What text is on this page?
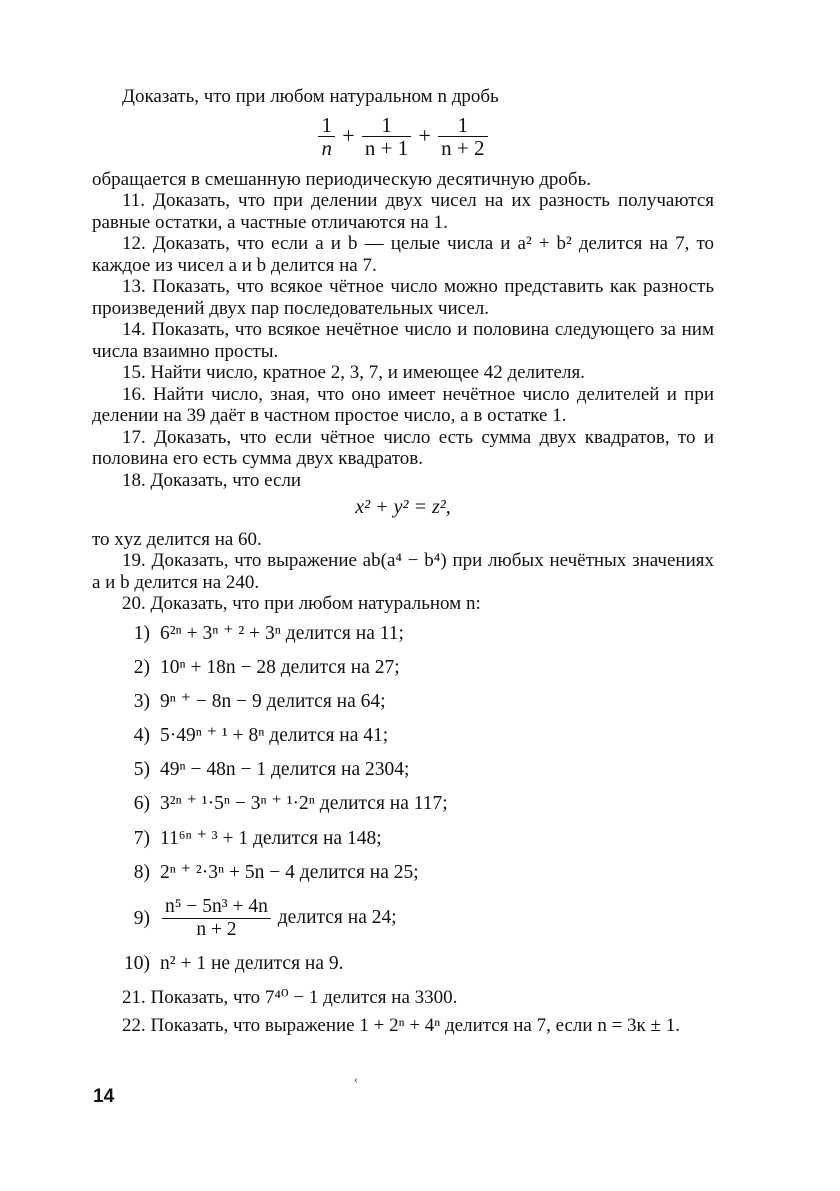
Доказать, что при любом натуральном n дробь

$\frac{1}{n} + \frac{1}{n + 1} + \frac{1}{n + 2}$

обращается в смешанную периодическую десятичную дробь.

11. Доказать, что при делении двух чисел на их разность получаются равные остатки, а частные отличаются на 1.

12. Доказать, что если a и b — целые числа и a² + b² делится на 7, то каждое из чисел a и b делится на 7.

13. Показать, что всякое чётное число можно представить как разность произведений двух пар последовательных чисел.

14. Показать, что всякое нечётное число и половина следующего за ним числа взаимно просты.

15. Найти число, кратное 2, 3, 7, и имеющее 42 делителя.

16. Найти число, зная, что оно имеет нечётное число делителей и при делении на 39 даёт в частном простое число, а в остатке 1.

17. Доказать, что если чётное число есть сумма двух квадратов, то и половина его есть сумма двух квадратов.

18. Доказать, что если

x² + y² = z²,

то xyz делится на 60.

19. Доказать, что выражение ab(a⁴ − b⁴) при любых нечётных значениях a и b делится на 240.

20. Доказать, что при любом натуральном n:

1) 6²ⁿ + 3ⁿ ⁺ ² + 3ⁿ делится на 11;
2) 10ⁿ + 18n − 28 делится на 27;
3) 9ⁿ ⁺ − 8n − 9 делится на 64;
4) 5·49ⁿ ⁺ ¹ + 8ⁿ делится на 41;
5) 49ⁿ − 48n − 1 делится на 2304;
6) 3²ⁿ ⁺ ¹·5ⁿ − 3ⁿ ⁺ ¹·2ⁿ делится на 117;
7) 11⁶ⁿ ⁺ ³ + 1 делится на 148;
8) 2ⁿ ⁺ ²·3ⁿ + 5n − 4 делится на 25;
$9) \frac{\text{n⁵ − 5n³ + 4n}}{n + 2}$ делится на 24;
10) n² + 1 не делится на 9.

21. Показать, что 7⁴⁰ − 1 делится на 3300.

22. Показать, что выражение 1 + 2ⁿ + 4ⁿ делится на 7, если n = 3к ± 1.

‹
14
